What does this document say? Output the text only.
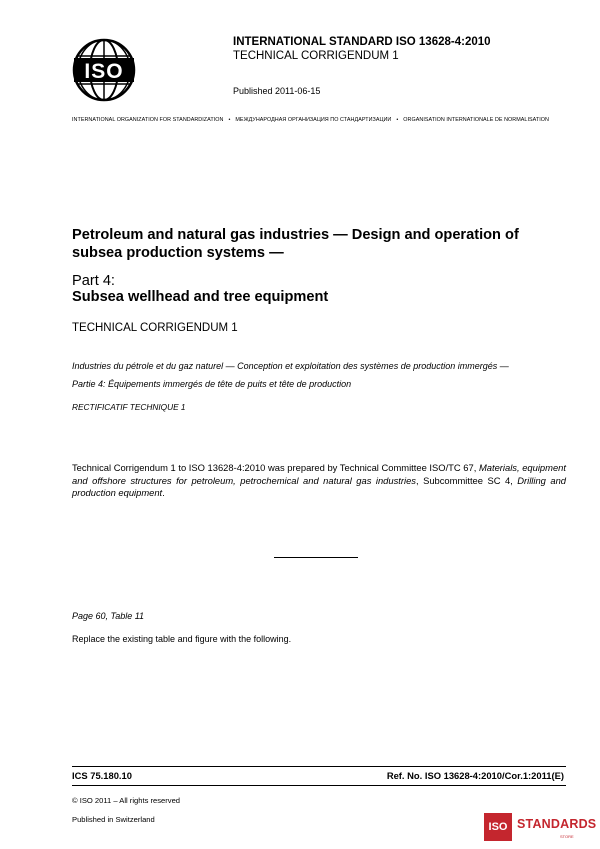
ISO
INTERNATIONAL STANDARD ISO 13628-4:2010
TECHNICAL CORRIGENDUM 1
Published 2011-06-15
INTERNATIONAL ORGANIZATION FOR STANDARDIZATION • МЕЖДУНАРОДНАЯ ОРГАНИЗАЦИЯ ПО СТАНДАРТИЗАЦИИ • ORGANISATION INTERNATIONALE DE NORMALISATION
Petroleum and natural gas industries — Design and operation of subsea production systems —
Part 4:
Subsea wellhead and tree equipment
TECHNICAL CORRIGENDUM 1
Industries du pétrole et du gaz naturel — Conception et exploitation des systèmes de production immergés —
Partie 4: Équipements immergés de tête de puits et tête de production
RECTIFICATIF TECHNIQUE 1
Technical Corrigendum 1 to ISO 13628-4:2010 was prepared by Technical Committee ISO/TC 67, Materials, equipment and offshore structures for petroleum, petrochemical and natural gas industries, Subcommittee SC 4, Drilling and production equipment.
Page 60, Table 11
Replace the existing table and figure with the following.
ICS 75.180.10	Ref. No. ISO 13628-4:2010/Cor.1:2011(E)
© ISO 2011 – All rights reserved
Published in Switzerland
ISO STANDARDS
STORE
